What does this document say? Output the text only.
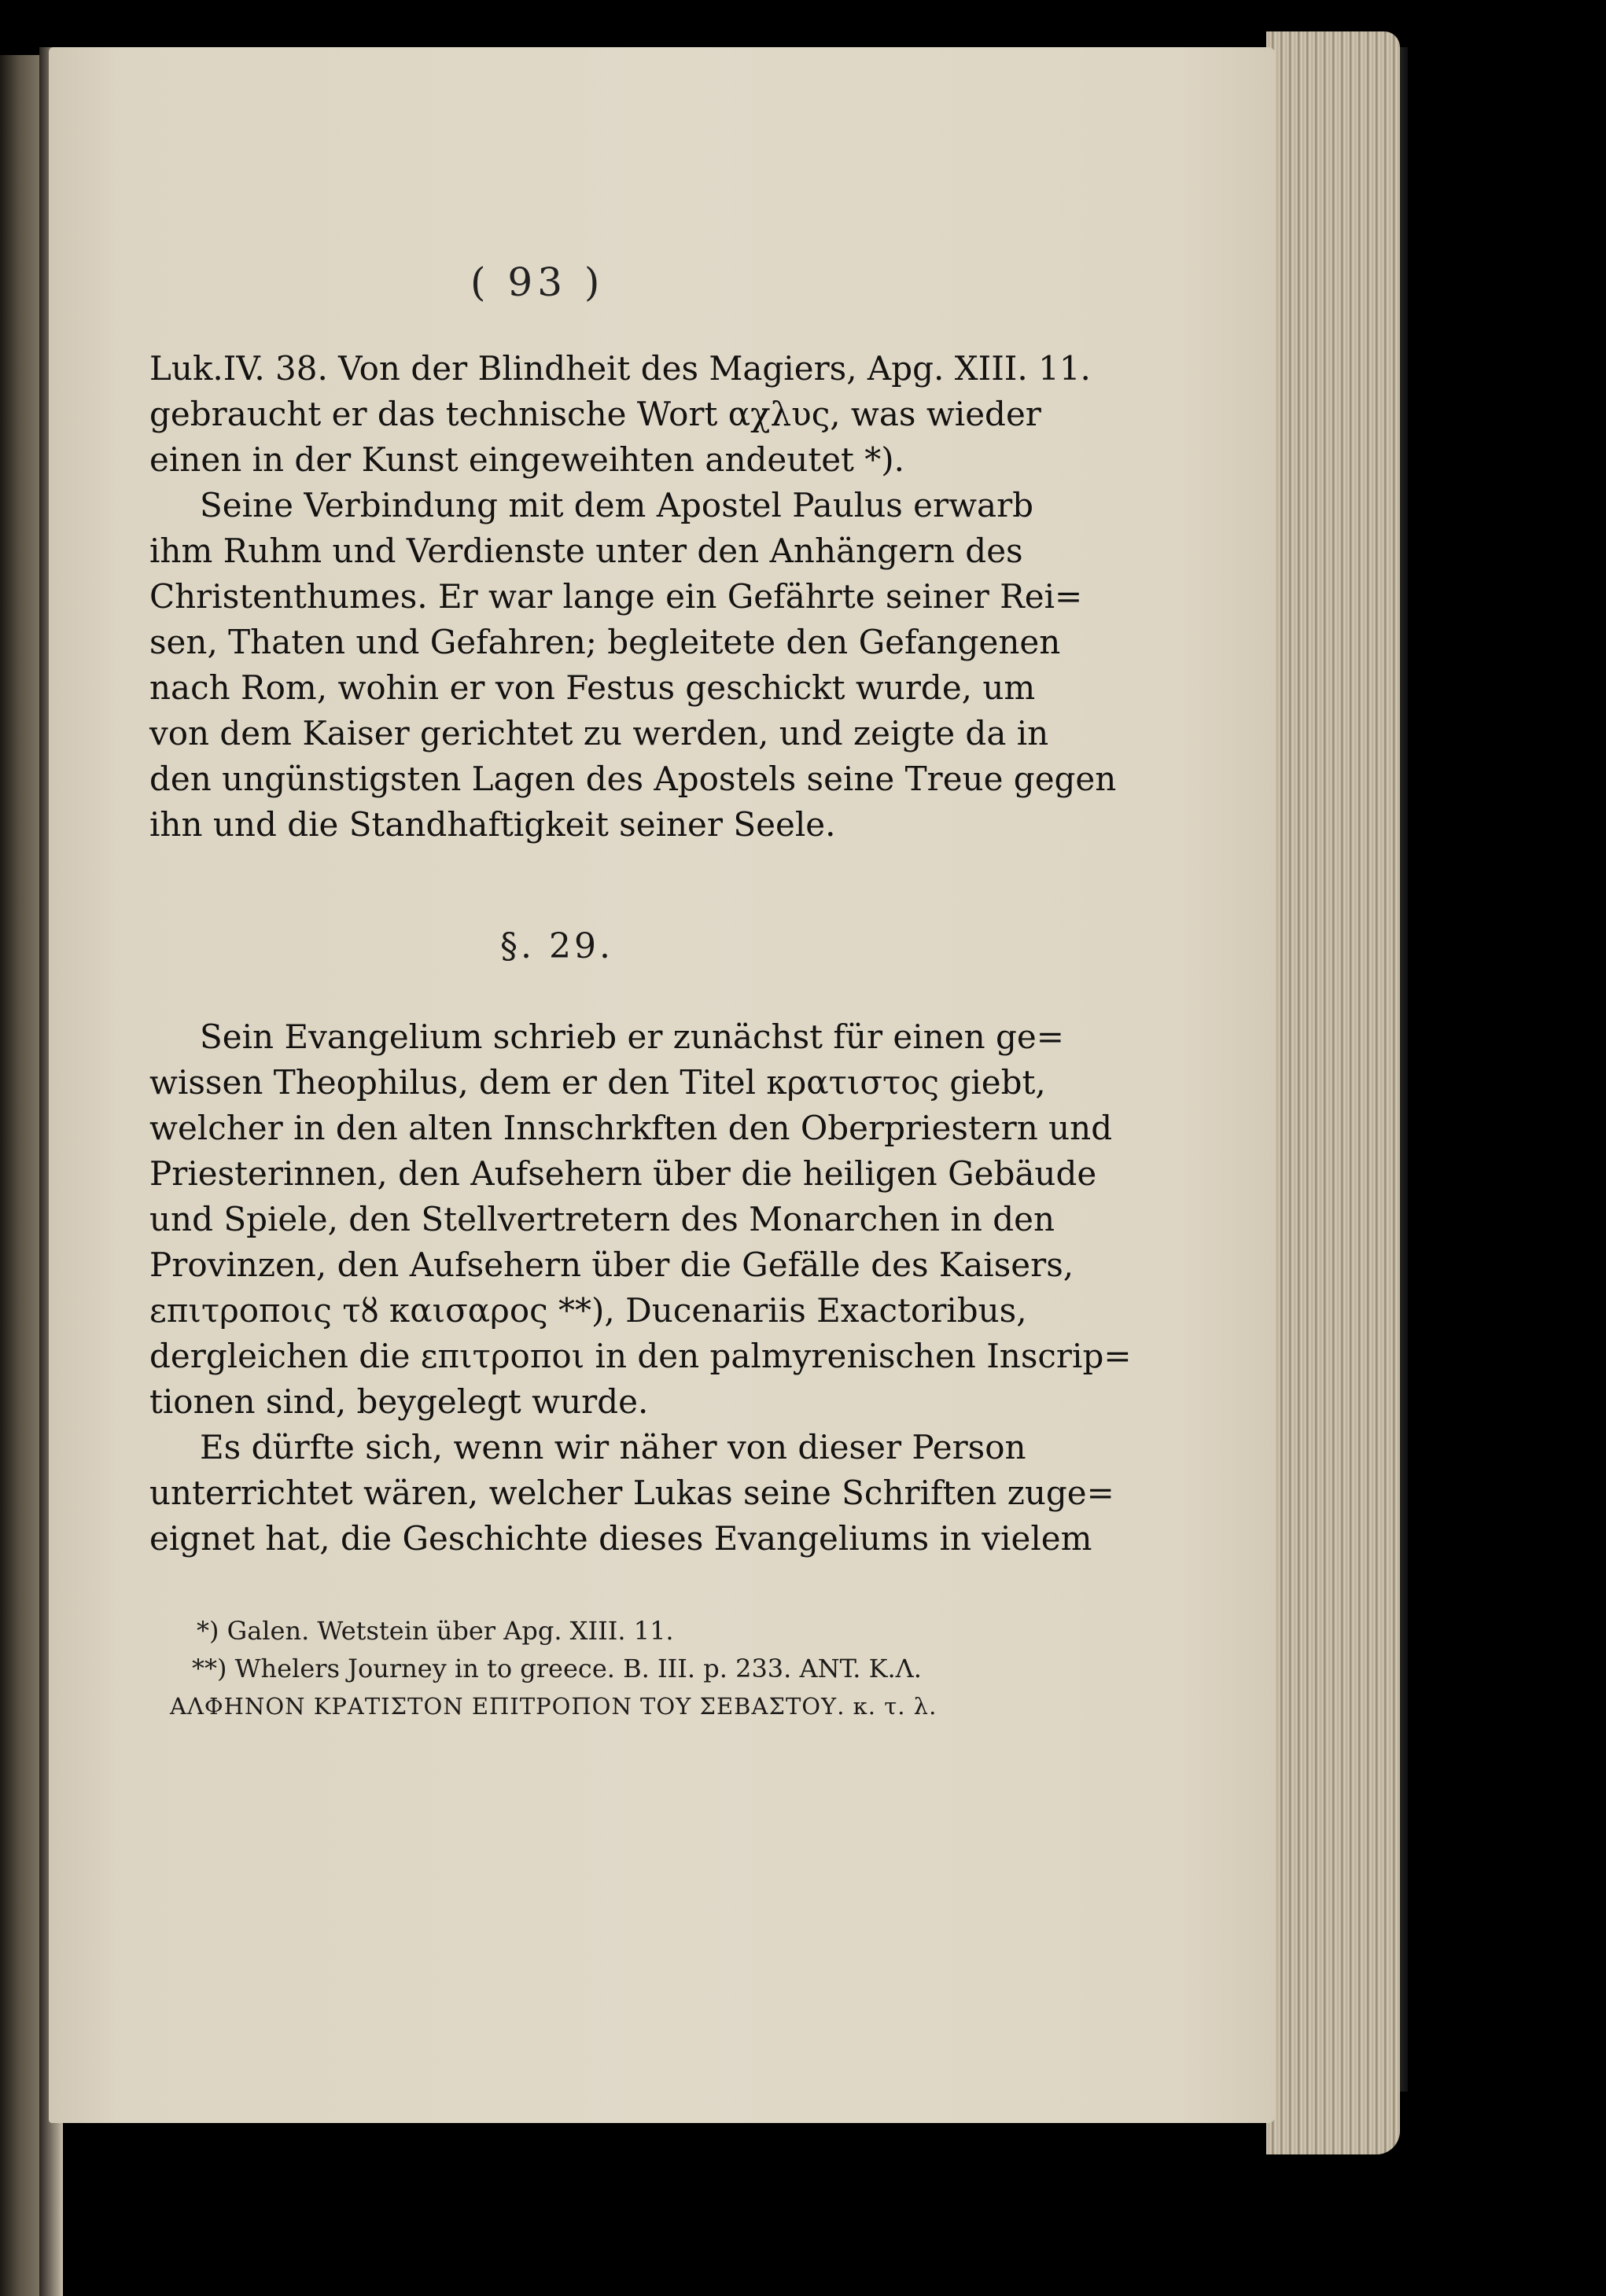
( 93 )
Luk.IV. 38. Von der Blindheit des Magiers, Apg. XIII. 11.
gebraucht er das technische Wort αχλυς, was wieder
einen in der Kunst eingeweihten andeutet *).
Seine Verbindung mit dem Apostel Paulus erwarb
ihm Ruhm und Verdienste unter den Anhängern des
Christenthumes. Er war lange ein Gefährte seiner Rei=
sen, Thaten und Gefahren; begleitete den Gefangenen
nach Rom, wohin er von Festus geschickt wurde, um
von dem Kaiser gerichtet zu werden, und zeigte da in
den ungünstigsten Lagen des Apostels seine Treue gegen
ihn und die Standhaftigkeit seiner Seele.
§. 29.
Sein Evangelium schrieb er zunächst für einen ge=
wissen Theophilus, dem er den Titel κρατιστος giebt,
welcher in den alten Innschrkften den Oberpriestern und
Priesterinnen, den Aufsehern über die heiligen Gebäude
und Spiele, den Stellvertretern des Monarchen in den
Provinzen, den Aufsehern über die Gefälle des Kaisers,
επιτροποις τȣ καισαρος **), Ducenariis Exactoribus,
dergleichen die επιτροποι in den palmyrenischen Inscrip=
tionen sind, beygelegt wurde.
Es dürfte sich, wenn wir näher von dieser Person
unterrichtet wären, welcher Lukas seine Schriften zuge=
eignet hat, die Geschichte dieses Evangeliums in vielem
*) Galen. Wetstein über Apg. XIII. 11.
**) Whelers Journey in to greece. B. III. p. 233. ANT. K.Λ.
ΑΛΦΗΝΟΝ ΚΡΑΤΙΣΤΟΝ ΕΠΙΤΡΟΠΟΝ ΤΟΥ ΣΕΒΑΣΤΟΥ. κ. τ. λ.
